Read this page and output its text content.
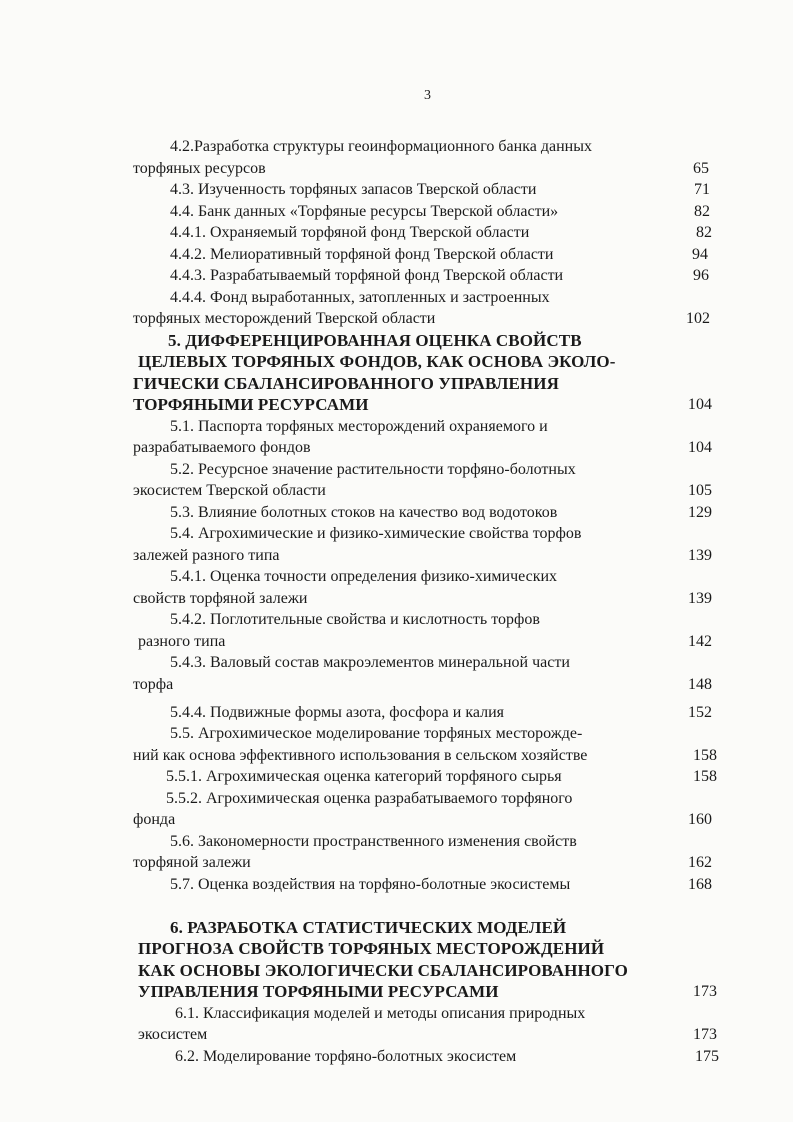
3
4.2.Разработка структуры геоинформационного банка данных
торфяных ресурсов	65
4.3. Изученность торфяных запасов Тверской области	71
4.4. Банк данных «Торфяные ресурсы Тверской области»	82
4.4.1. Охраняемый торфяной фонд Тверской области	82
4.4.2. Мелиоративный торфяной фонд Тверской области	94
4.4.3. Разрабатываемый торфяной фонд Тверской области	96
4.4.4. Фонд выработанных, затопленных и застроенных
торфяных месторождений Тверской области	102
5. ДИФФЕРЕНЦИРОВАННАЯ ОЦЕНКА СВОЙСТВ
ЦЕЛЕВЫХ ТОРФЯНЫХ ФОНДОВ, КАК ОСНОВА ЭКОЛО-
ГИЧЕСКИ СБАЛАНСИРОВАННОГО УПРАВЛЕНИЯ
ТОРФЯНЫМИ РЕСУРСАМИ	104
5.1. Паспорта торфяных месторождений охраняемого и
разрабатываемого фондов	104
5.2. Ресурсное значение растительности торфяно-болотных
экосистем Тверской области	105
5.3. Влияние болотных стоков на качество вод водотоков	129
5.4. Агрохимические и физико-химические свойства торфов
залежей разного типа	139
5.4.1. Оценка точности определения физико-химических
свойств торфяной залежи	139
5.4.2. Поглотительные свойства и кислотность торфов
разного типа	142
5.4.3. Валовый состав макроэлементов минеральной части
торфа	148
5.4.4. Подвижные формы азота, фосфора и калия	152
5.5. Агрохимическое моделирование торфяных месторожде-
ний как основа эффективного использования в сельском хозяйстве	158
5.5.1. Агрохимическая оценка категорий торфяного сырья	158
5.5.2. Агрохимическая оценка разрабатываемого торфяного
фонда	160
5.6. Закономерности пространственного изменения свойств
торфяной залежи	162
5.7. Оценка воздействия на торфяно-болотные экосистемы	168
6. РАЗРАБОТКА СТАТИСТИЧЕСКИХ МОДЕЛЕЙ
ПРОГНОЗА СВОЙСТВ ТОРФЯНЫХ МЕСТОРОЖДЕНИЙ
КАК ОСНОВЫ ЭКОЛОГИЧЕСКИ СБАЛАНСИРОВАННОГО
УПРАВЛЕНИЯ ТОРФЯНЫМИ РЕСУРСАМИ	173
6.1. Классификация моделей и методы описания природных
экосистем	173
6.2. Моделирование торфяно-болотных экосистем	175
